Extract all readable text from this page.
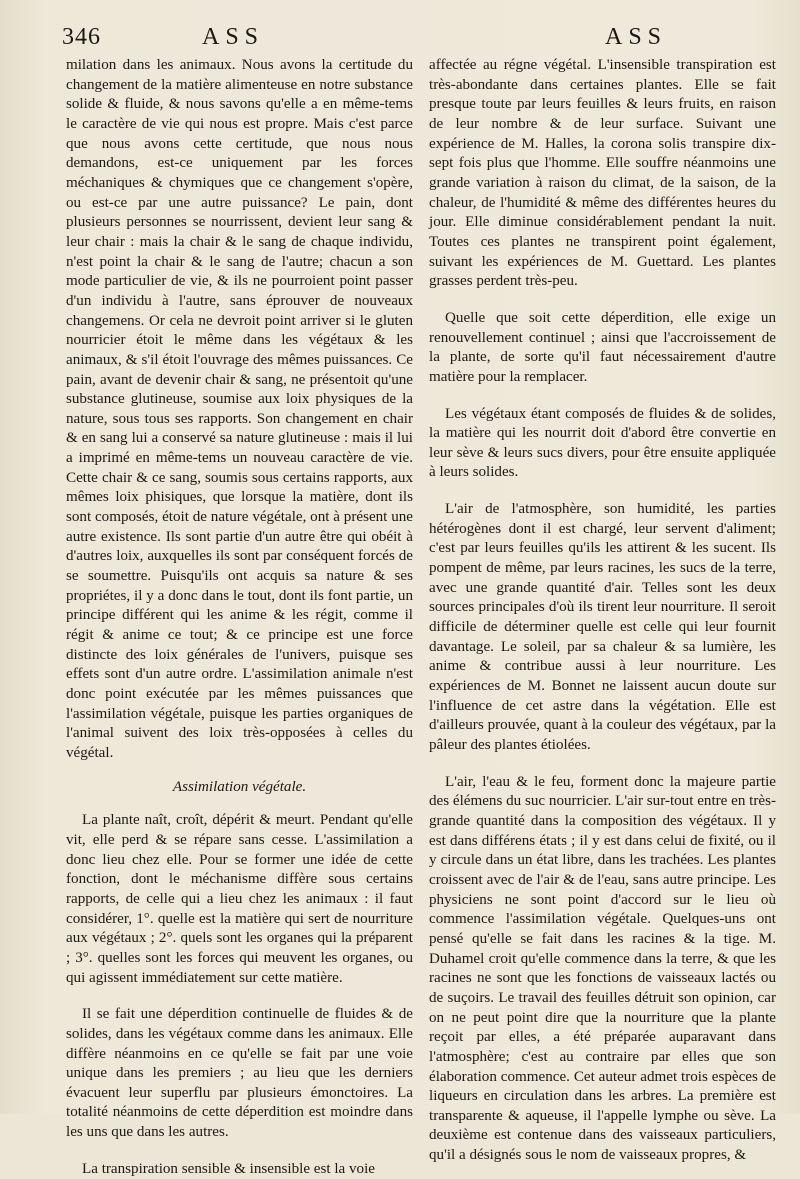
346	ASS	ASS

milation dans les animaux. Nous avons la certitude du changement de la matière alimenteuse en notre substance solide & fluide, & nous savons qu'elle a en même-tems le caractère de vie qui nous est propre. Mais c'est parce que nous avons cette certitude, que nous nous demandons, est-ce uniquement par les forces méchaniques & chymiques que ce changement s'opère, ou est-ce par une autre puissance? Le pain, dont plusieurs personnes se nourrissent, devient leur sang & leur chair : mais la chair & le sang de chaque individu, n'est point la chair & le sang de l'autre; chacun a son mode particulier de vie, & ils ne pourroient point passer d'un individu à l'autre, sans éprouver de nouveaux changemens. Or cela ne devroit point arriver si le gluten nourricier étoit le même dans les végétaux & les animaux, & s'il étoit l'ouvrage des mêmes puissances. Ce pain, avant de devenir chair & sang, ne présentoit qu'une substance glutineuse, soumise aux loix physiques de la nature, sous tous ses rapports. Son changement en chair & en sang lui a conservé sa nature glutineuse : mais il lui a imprimé en même-tems un nouveau caractère de vie. Cette chair & ce sang, soumis sous certains rapports, aux mêmes loix phisiques, que lorsque la matière, dont ils sont composés, étoit de nature végétale, ont à présent une autre existence. Ils sont partie d'un autre être qui obéit à d'autres loix, auxquelles ils sont par conséquent forcés de se soumettre. Puisqu'ils ont acquis sa nature & ses propriétes, il y a donc dans le tout, dont ils font partie, un principe différent qui les anime & les régit, comme il régit & anime ce tout; & ce principe est une force distincte des loix générales de l'univers, puisque ses effets sont d'un autre ordre. L'assimilation animale n'est donc point exécutée par les mêmes puissances que l'assimilation végétale, puisque les parties organiques de l'animal suivent des loix très-opposées à celles du végétal.

Assimilation végétale.

La plante naît, croît, dépérit & meurt. Pendant qu'elle vit, elle perd & se répare sans cesse. L'assimilation a donc lieu chez elle. Pour se former une idée de cette fonction, dont le méchanisme diffère sous certains rapports, de celle qui a lieu chez les animaux : il faut considérer, 1°. quelle est la matière qui sert de nourriture aux végétaux ; 2°. quels sont les organes qui la préparent ; 3°. quelles sont les forces qui meuvent les organes, ou qui agissent immédiatement sur cette matière.

Il se fait une déperdition continuelle de fluides & de solides, dans les végétaux comme dans les animaux. Elle diffère néanmoins en ce qu'elle se fait par une voie unique dans les premiers ; au lieu que les derniers évacuent leur superflu par plusieurs émonctoires. La totalité néanmoins de cette déperdition est moindre dans les uns que dans les autres.

La transpiration sensible & insensible est la voie

affectée au régne végétal. L'insensible transpiration est très-abondante dans certaines plantes. Elle se fait presque toute par leurs feuilles & leurs fruits, en raison de leur nombre & de leur surface. Suivant une expérience de M. Halles, la corona solis transpire dix-sept fois plus que l'homme. Elle souffre néanmoins une grande variation à raison du climat, de la saison, de la chaleur, de l'humidité & même des différentes heures du jour. Elle diminue considérablement pendant la nuit. Toutes ces plantes ne transpirent point également, suivant les expériences de M. Guettard. Les plantes grasses perdent très-peu.

Quelle que soit cette déperdition, elle exige un renouvellement continuel ; ainsi que l'accroissement de la plante, de sorte qu'il faut nécessairement d'autre matière pour la remplacer.

Les végétaux étant composés de fluides & de solides, la matière qui les nourrit doit d'abord être convertie en leur sève & leurs sucs divers, pour être ensuite appliquée à leurs solides.

L'air de l'atmosphère, son humidité, les parties hétérogènes dont il est chargé, leur servent d'aliment; c'est par leurs feuilles qu'ils les attirent & les sucent. Ils pompent de même, par leurs racines, les sucs de la terre, avec une grande quantité d'air. Telles sont les deux sources principales d'où ils tirent leur nourriture. Il seroit difficile de déterminer quelle est celle qui leur fournit davantage. Le soleil, par sa chaleur & sa lumière, les anime & contribue aussi à leur nourriture. Les expériences de M. Bonnet ne laissent aucun doute sur l'influence de cet astre dans la végétation. Elle est d'ailleurs prouvée, quant à la couleur des végétaux, par la pâleur des plantes étiolées.

L'air, l'eau & le feu, forment donc la majeure partie des élémens du suc nourricier. L'air sur-tout entre en très-grande quantité dans la composition des végétaux. Il y est dans différens états ; il y est dans celui de fixité, ou il y circule dans un état libre, dans les trachées. Les plantes croissent avec de l'air & de l'eau, sans autre principe. Les physiciens ne sont point d'accord sur le lieu où commence l'assimilation végétale. Quelques-uns ont pensé qu'elle se fait dans les racines & la tige. M. Duhamel croit qu'elle commence dans la terre, & que les racines ne sont que les fonctions de vaisseaux lactés ou de suçoirs. Le travail des feuilles détruit son opinion, car on ne peut point dire que la nourriture que la plante reçoit par elles, a été préparée auparavant dans l'atmosphère; c'est au contraire par elles que son élaboration commence. Cet auteur admet trois espèces de liqueurs en circulation dans les arbres. La première est transparente & aqueuse, il l'appelle lymphe ou sève. La deuxième est contenue dans des vaisseaux particuliers, qu'il a désignés sous le nom de vaisseaux propres, &
